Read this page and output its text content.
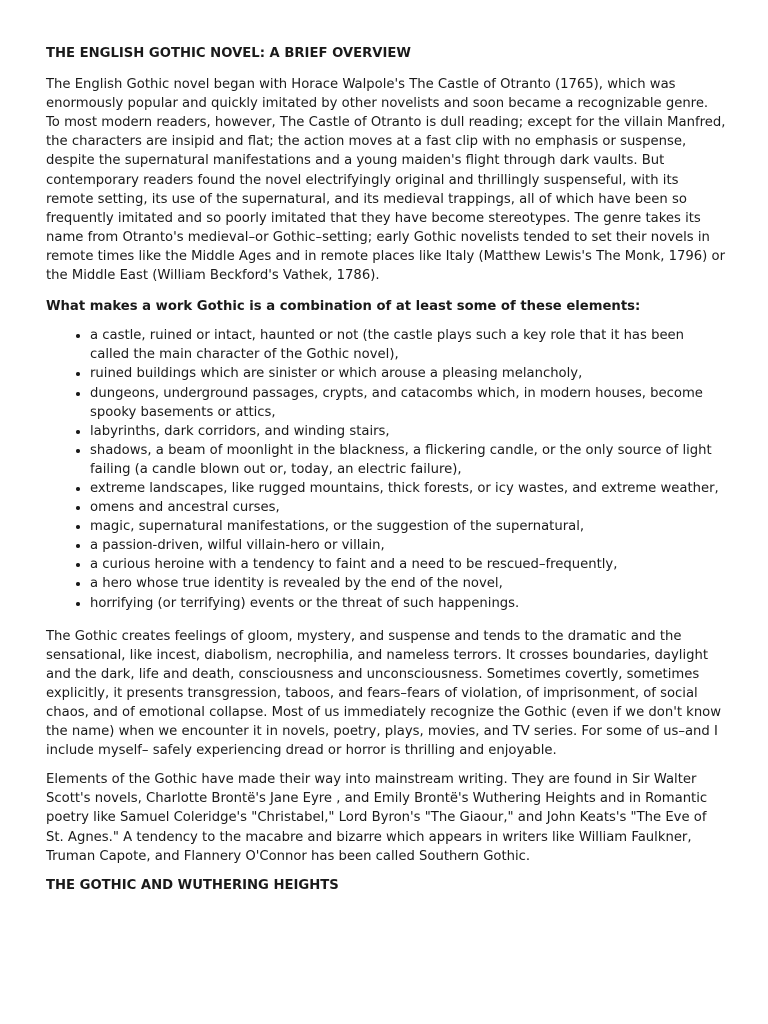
THE ENGLISH GOTHIC NOVEL: A BRIEF OVERVIEW

The English Gothic novel began with Horace Walpole's The Castle of Otranto (1765), which was enormously popular and quickly imitated by other novelists and soon became a recognizable genre. To most modern readers, however, The Castle of Otranto is dull reading; except for the villain Manfred, the characters are insipid and flat; the action moves at a fast clip with no emphasis or suspense, despite the supernatural manifestations and a young maiden's flight through dark vaults. But contemporary readers found the novel electrifyingly original and thrillingly suspenseful, with its remote setting, its use of the supernatural, and its medieval trappings, all of which have been so frequently imitated and so poorly imitated that they have become stereotypes. The genre takes its name from Otranto's medieval–or Gothic–setting; early Gothic novelists tended to set their novels in remote times like the Middle Ages and in remote places like Italy (Matthew Lewis's The Monk, 1796) or the Middle East (William Beckford's Vathek, 1786).

What makes a work Gothic is a combination of at least some of these elements:

• a castle, ruined or intact, haunted or not (the castle plays such a key role that it has been called the main character of the Gothic novel),
• ruined buildings which are sinister or which arouse a pleasing melancholy,
• dungeons, underground passages, crypts, and catacombs which, in modern houses, become spooky basements or attics,
• labyrinths, dark corridors, and winding stairs,
• shadows, a beam of moonlight in the blackness, a flickering candle, or the only source of light failing (a candle blown out or, today, an electric failure),
• extreme landscapes, like rugged mountains, thick forests, or icy wastes, and extreme weather,
• omens and ancestral curses,
• magic, supernatural manifestations, or the suggestion of the supernatural,
• a passion-driven, wilful villain-hero or villain,
• a curious heroine with a tendency to faint and a need to be rescued–frequently,
• a hero whose true identity is revealed by the end of the novel,
• horrifying (or terrifying) events or the threat of such happenings.

The Gothic creates feelings of gloom, mystery, and suspense and tends to the dramatic and the sensational, like incest, diabolism, necrophilia, and nameless terrors. It crosses boundaries, daylight and the dark, life and death, consciousness and unconsciousness. Sometimes covertly, sometimes explicitly, it presents transgression, taboos, and fears–fears of violation, of imprisonment, of social chaos, and of emotional collapse. Most of us immediately recognize the Gothic (even if we don't know the name) when we encounter it in novels, poetry, plays, movies, and TV series. For some of us–and I include myself– safely experiencing dread or horror is thrilling and enjoyable.

Elements of the Gothic have made their way into mainstream writing. They are found in Sir Walter Scott's novels, Charlotte Brontë's Jane Eyre , and Emily Brontë's Wuthering Heights and in Romantic poetry like Samuel Coleridge's "Christabel," Lord Byron's "The Giaour," and John Keats's "The Eve of St. Agnes." A tendency to the macabre and bizarre which appears in writers like William Faulkner, Truman Capote, and Flannery O'Connor has been called Southern Gothic.

THE GOTHIC AND WUTHERING HEIGHTS
